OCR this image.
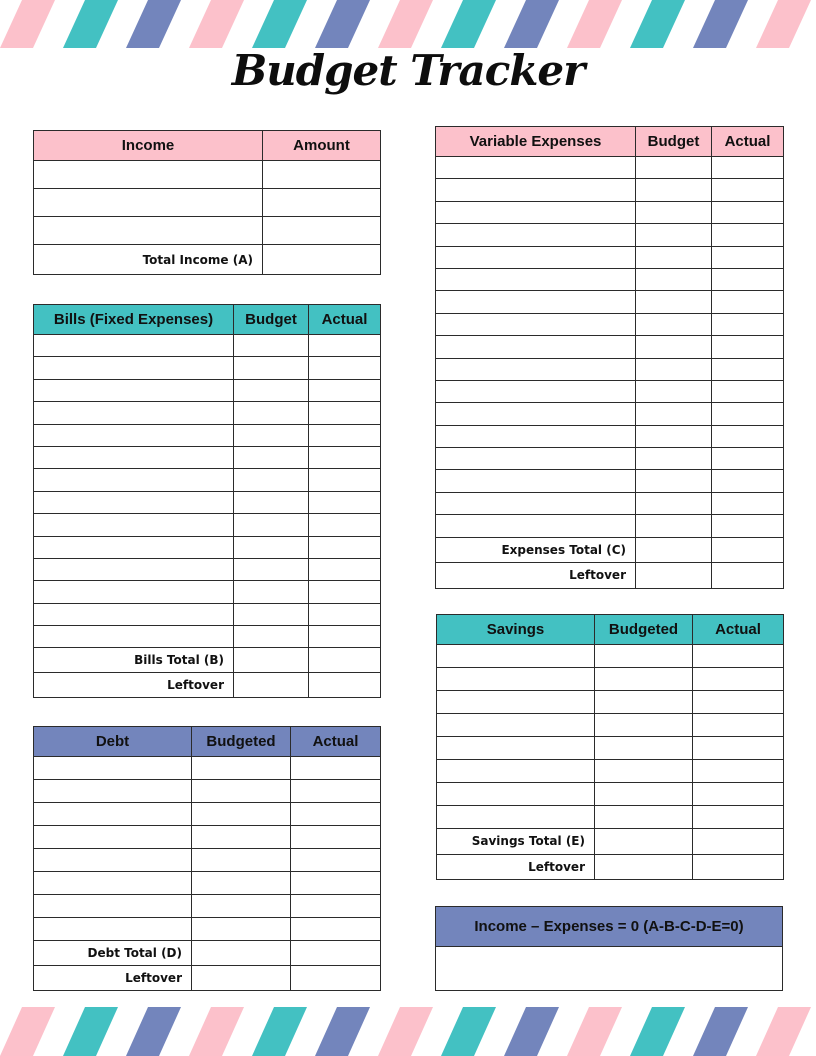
Budget Tracker
Income	Amount

Total Income (A)	
Bills (Fixed Expenses)	Budget	Actual

Bills Total (B)		
Leftover		
Debt	Budgeted	Actual

Debt Total (D)		
Leftover		
Variable Expenses	Budget	Actual

Expenses Total (C)		
Leftover		
Savings	Budgeted	Actual

Savings Total (E)		
Leftover		
Income – Expenses = 0 (A-B-C-D-E=0)
